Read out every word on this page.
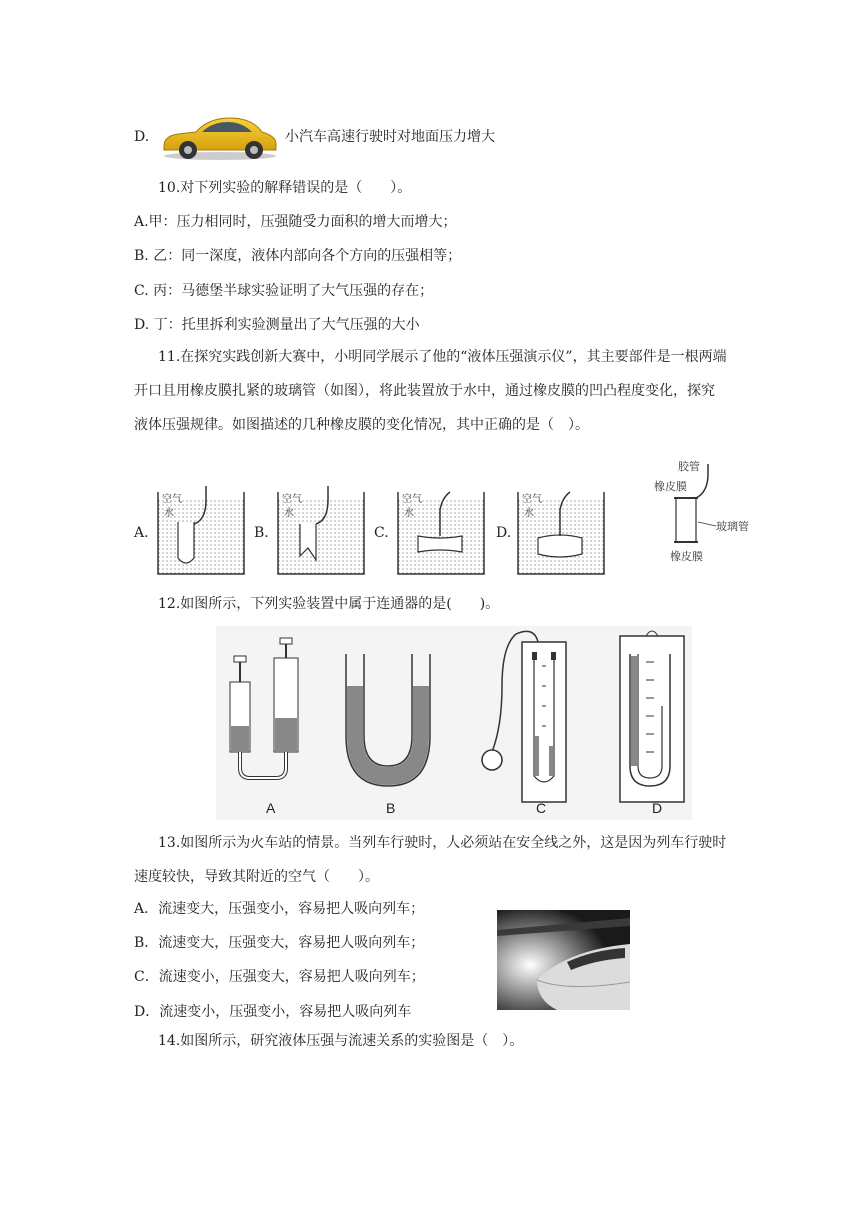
D.	小汽车高速行驶时对地面压力增大
10.对下列实验的解释错误的是（　　）。
A.甲：压力相同时，压强随受力面积的增大而增大；
B. 乙：同一深度，液体内部向各个方向的压强相等；
C. 丙：马德堡半球实验证明了大气压强的存在；
D. 丁：托里拆利实验测量出了大气压强的大小
11.在探究实践创新大赛中，小明同学展示了他的“液体压强演示仪”，其主要部件是一根两端开口且用橡皮膜扎紧的玻璃管（如图），将此装置放于水中，通过橡皮膜的凹凸程度变化，探究液体压强规律。如图描述的几种橡皮膜的变化情况，其中正确的是（　）。
A.	B.	C.	D.
空气
水
空气
水
空气
水
空气
水
胶管
橡皮膜
玻璃管
橡皮膜
12.如图所示，下列实验装置中属于连通器的是(　　)。
A	B	C	D
13.如图所示为火车站的情景。当列车行驶时，人必须站在安全线之外，这是因为列车行驶时速度较快，导致其附近的空气（　　）。
A．流速变大，压强变小，容易把人吸向列车；
B．流速变大，压强变大，容易把人吸向列车；
C．流速变小，压强变大，容易把人吸向列车；
D．流速变小，压强变小，容易把人吸向列车
14.如图所示，研究液体压强与流速关系的实验图是（　）。
